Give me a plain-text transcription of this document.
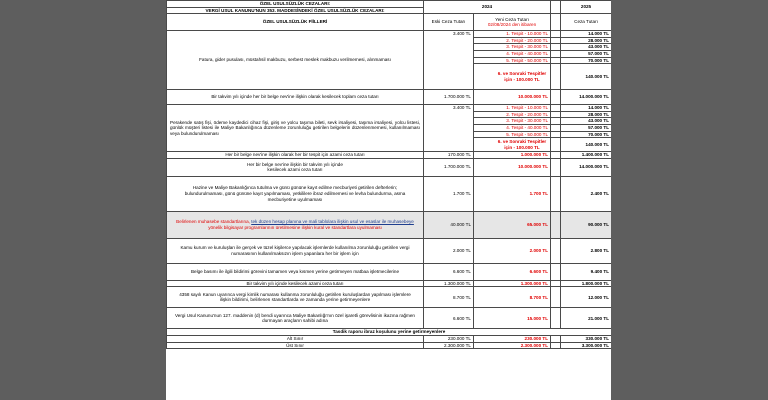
ÖZEL USULSÜZLÜK CEZALARI:	2024			2025
VERGİ USUL KANUNU'NUN 353. MADDESİNDEKİ ÖZEL USULSÜZLÜK CEZALARI:				
ÖZEL USULSÜZLÜK FİİLLERİ	Eski Ceza Tutarı	Yeni Ceza Tutarı
02/08/2024 den itibaren		Ceza Tutarı
Fatura, gider pusulası, müstahsil makbuzu, serbest meslek makbuzu verilmemesi, alınmaması	3.400 TL	1. Tespit - 10.000 TL		14.000 TL
		2. Tespit - 20.000 TL		28.000 TL
		3. Tespit - 30.000 TL		43.000 TL
		4. Tespit - 40.000 TL		57.000 TL
		5. Tespit - 50.000 TL		70.000 TL
		6. ve Sonraki Tespitler için - 100.000 TL		140.000 TL
Bir takvim yılı içinde her bir belge nev'ine ilişkin olarak kesilecek toplam ceza tutarı	1.700.000 TL	10.000.000 TL		14.000.000 TL
Perakende satış fişi, ödeme kaydedici cihaz fişi, giriş ve yolcu taşıma bileti, sevk irsaliyesi, taşıma irsaliyesi, yolcu listesi, günlük müşteri listesi ile Maliye Bakanlığınca düzenleme zorunluluğu getirilen belgelerin düzenlenmemesi, kullanılmaması veya bulundurulmaması	3.400 TL	1. Tespit - 10.000 TL		14.000 TL
		2. Tespit - 20.000 TL		28.000 TL
		3. Tespit - 30.000 TL		43.000 TL
		4. Tespit - 40.000 TL		57.000 TL
		5. Tespit - 50.000 TL		70.000 TL
		6. ve Sonraki Tespitler için - 100.000 TL		140.000 TL
Her bir belge nev'ine ilişkin olarak her bir tespit için azami ceza tutarı	170.000 TL	1.000.000 TL		1.400.000 TL
Her bir belge nev'ine ilişkin bir takvim yılı içinde kesilecek azami ceza tutarı	1.700.000 TL	10.000.000 TL		14.000.000 TL
Hazine ve Maliye Bakanlığınca tutulma ve günü gününe kayıt edilme mecburiyeti getirilen defterlerin; bulundurulmaması, günü gününe kayıt yapılmaması, yetkililere ibraz edilmemesi ve levha bulundurma, asma mecburiyetine uyulmaması	1.700 TL	1.700 TL		2.400 TL
Belirlenen muhasebe standartlarına, tek düzen hesap planına ve mali tablolara ilişkin usul ve esaslar ile muhasebeye yönelik bilgisayar programlarının üretilmesine ilişkin kural ve standartlara uyulmaması	40.000 TL	65.000 TL		90.000 TL
Kamu kurum ve kuruluşları ile gerçek ve tüzel kişilerce yapılacak işlemlerde kullanılma zorunluluğu getirilen vergi numarasının kullanılmaksızın işlem yapanlara her bir işlem için	2.000 TL	2.000 TL		2.800 TL
Belge basımı ile ilgili bildirimi görevini tamamen veya kısmen yerine getirmeyen matbaa işletmecilerine	6.600 TL	6.600 TL		9.400 TL
Bir takvim yılı içinde kesilecek azami ceza tutarı	1.300.000 TL	1.300.000 TL		1.800.000 TL
4358 sayılı Kanun uyarınca vergi kimlik numarası kullanma zorunluluğu getirilen kuruluşlardan yapılması işlemlere ilişkin bildirimi, belirlenen standartlarda ve zamanda yerine getirmeyenlere	8.700 TL	8.700 TL		12.000 TL
Vergi Usul Kanunu'nun 127. maddenin (d) bendi uyarınca Maliye Bakanlığı'nın özel işaretli görevlisinin ikazına rağmen durmayan araçların sahibi adına	6.600 TL	15.000 TL		21.000 TL
Tasdik raporu ibraz koşulunu yerine getirmeyenlere				
Alt Sınır	230.000 TL	230.000 TL		330.000 TL
Üst Sınır	2.300.000 TL	2.300.000 TL		3.300.000 TL
